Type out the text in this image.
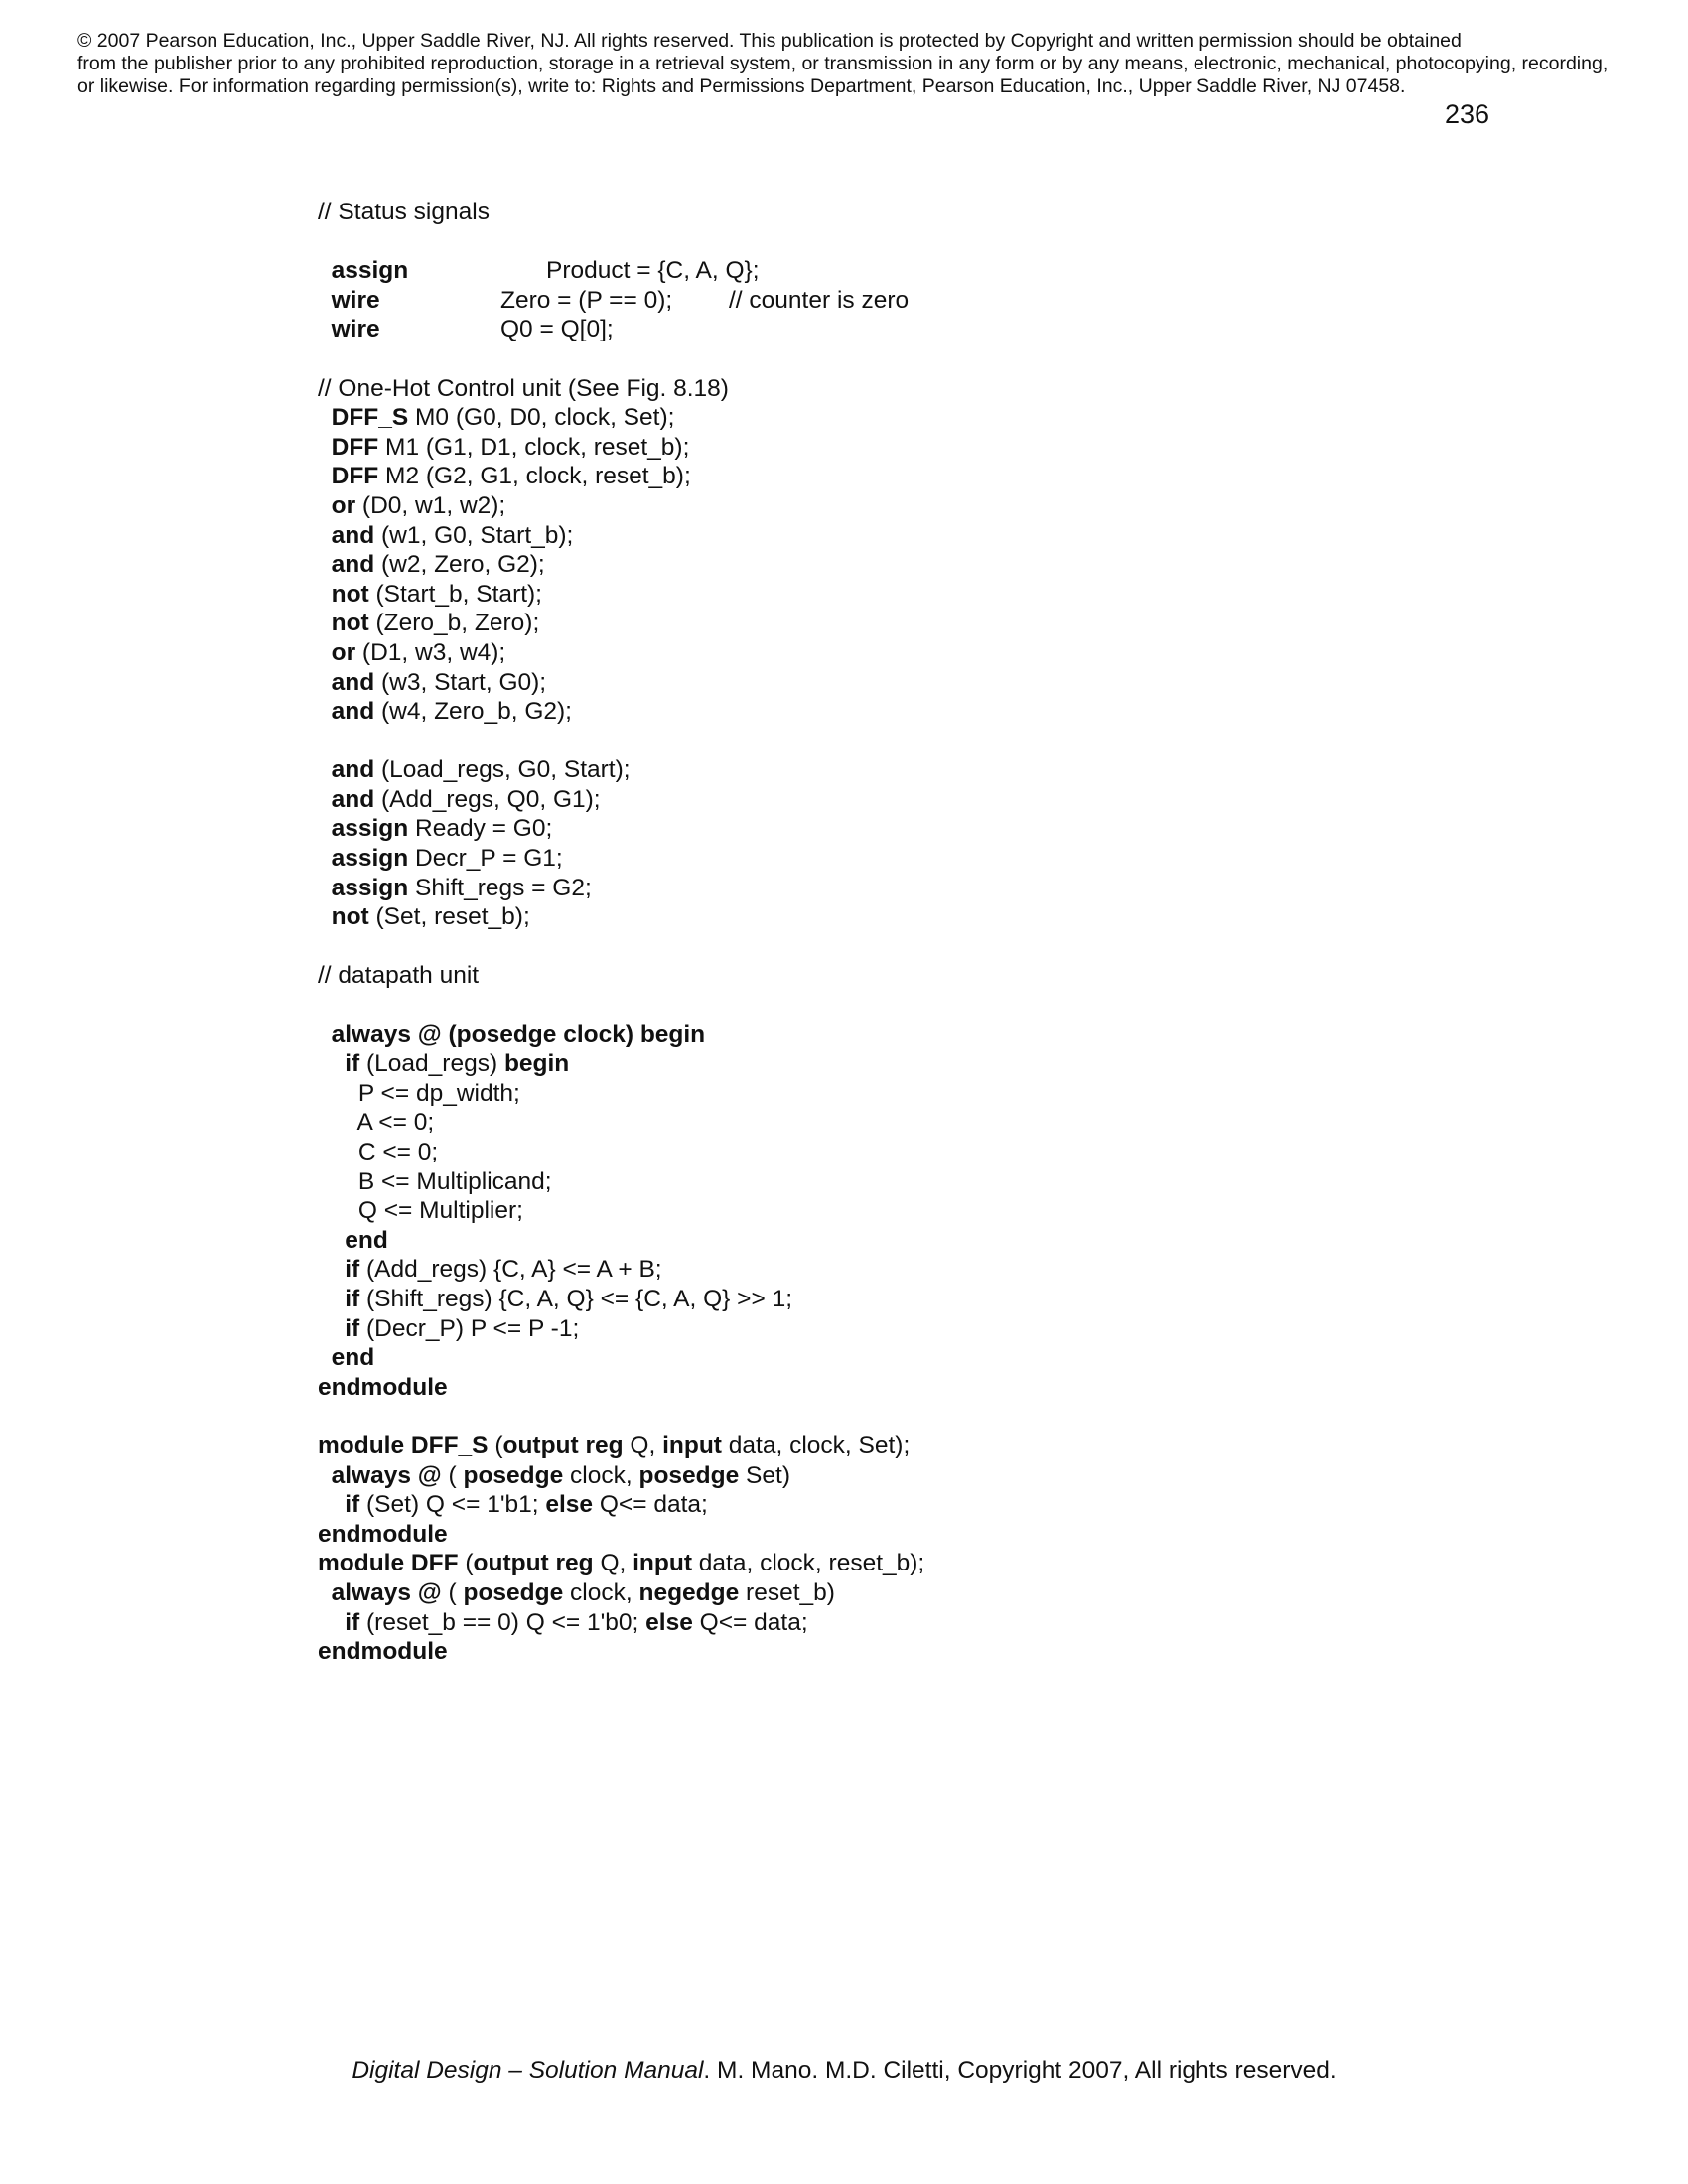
© 2007 Pearson Education, Inc., Upper Saddle River, NJ. All rights reserved. This publication is protected by Copyright and written permission should be obtained
from the publisher prior to any prohibited reproduction, storage in a retrieval system, or transmission in any form or by any means, electronic, mechanical, photocopying, recording,
or likewise. For information regarding permission(s), write to: Rights and Permissions Department, Pearson Education, Inc., Upper Saddle River, NJ 07458.
236
// Status signals
assign			Product = {C, A, Q};
wire			Zero = (P == 0);		// counter is zero
wire			Q0 = Q[0];
// One-Hot Control unit (See Fig. 8.18)
DFF_S M0 (G0, D0, clock, Set);
DFF M1 (G1, D1, clock, reset_b);
DFF M2 (G2, G1, clock, reset_b);
or (D0, w1, w2);
and (w1, G0, Start_b);
and (w2, Zero, G2);
not (Start_b, Start);
not (Zero_b, Zero);
or (D1, w3, w4);
and (w3, Start, G0);
and (w4, Zero_b, G2);
and (Load_regs, G0, Start);
and (Add_regs, Q0, G1);
assign Ready = G0;
assign Decr_P = G1;
assign Shift_regs = G2;
not (Set, reset_b);
// datapath unit
always @ (posedge clock) begin
if (Load_regs) begin
P <= dp_width;
A <= 0;
C <= 0;
B <= Multiplicand;
Q <= Multiplier;
end
if (Add_regs) {C, A} <= A + B;
if (Shift_regs) {C, A, Q} <= {C, A, Q} >> 1;
if (Decr_P) P <= P -1;
end
endmodule
module DFF_S (output reg Q, input data, clock, Set);
always @ ( posedge clock, posedge Set)
if (Set) Q <= 1'b1; else Q<= data;
endmodule
module DFF (output reg Q, input data, clock, reset_b);
always @ ( posedge clock, negedge reset_b)
if (reset_b == 0) Q <= 1'b0; else Q<= data;
endmodule
Digital Design – Solution Manual. M. Mano. M.D. Ciletti, Copyright 2007, All rights reserved.
